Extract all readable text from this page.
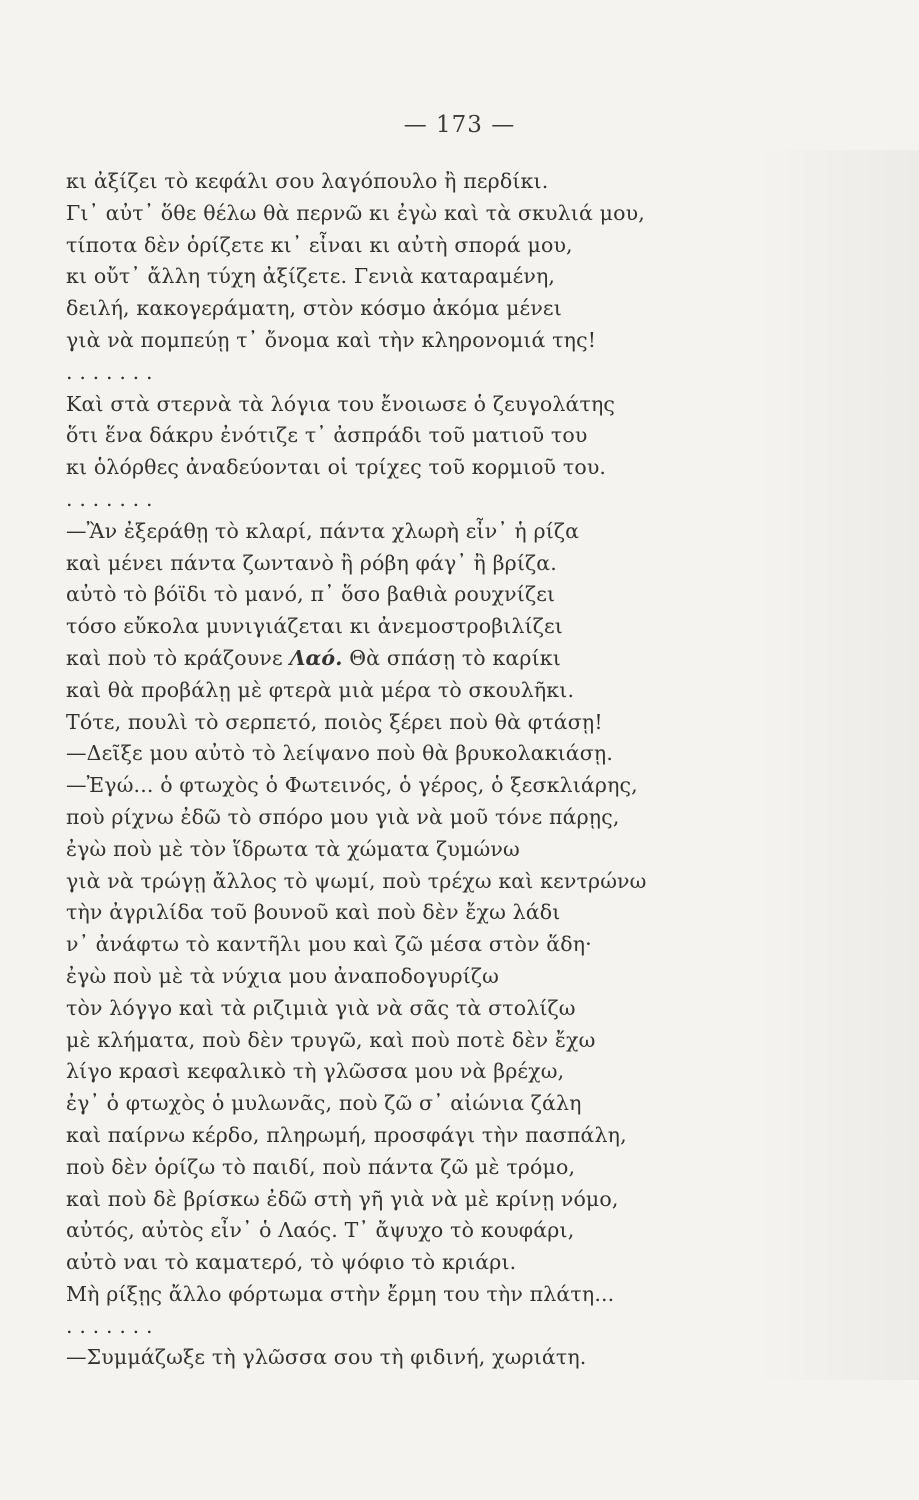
— 173 —
κι ἀξίζει τὸ κεφάλι σου λαγόπουλο ἢ περδίκι.
Γι᾿ αὐτ᾿ ὅθε θέλω θὰ περνῶ κι ἐγὼ καὶ τὰ σκυλιά μου,
τίποτα δὲν ὁρίζετε κι᾿ εἶναι κι αὐτὴ σπορά μου,
κι οὔτ᾿ ἄλλη τύχη ἀξίζετε. Γενιὰ καταραμένη,
δειλή, κακογεράματη, στὸν κόσμο ἀκόμα μένει
γιὰ νὰ πομπεύῃ τ᾿ ὄνομα καὶ τὴν κληρονομιά της!
. . . . . . .
Καὶ στὰ στερνὰ τὰ λόγια του ἔνοιωσε ὁ ζευγολάτης
ὅτι ἕνα δάκρυ ἐνότιζε τ᾿ ἀσπράδι τοῦ ματιοῦ του
κι ὁλόρθες ἀναδεύονται οἱ τρίχες τοῦ κορμιοῦ του.
. . . . . . .
—Ἂν ἐξεράθῃ τὸ κλαρί, πάντα χλωρὴ εἶν᾿ ἡ ρίζα
καὶ μένει πάντα ζωντανὸ ἢ ρόβη φάγ᾿ ἢ βρίζα.
αὐτὸ τὸ βόϊδι τὸ μανό, π᾿ ὅσο βαθιὰ ρουχνίζει
τόσο εὔκολα μυνιγιάζεται κι ἀνεμοστροβιλίζει
καὶ ποὺ τὸ κράζουνε Λαό. Θὰ σπάσῃ τὸ καρίκι
καὶ θὰ προβάλῃ μὲ φτερὰ μιὰ μέρα τὸ σκουλῆκι.
Τότε, πουλὶ τὸ σερπετό, ποιὸς ξέρει ποὺ θὰ φτάσῃ!
—Δεῖξε μου αὐτὸ τὸ λείψανο ποὺ θὰ βρυκολακιάσῃ.
—Ἐγώ... ὁ φτωχὸς ὁ Φωτεινός, ὁ γέρος, ὁ ξεσκλιάρης,
ποὺ ρίχνω ἐδῶ τὸ σπόρο μου γιὰ νὰ μοῦ τόνε πάρῃς,
ἐγὼ ποὺ μὲ τὸν ἵδρωτα τὰ χώματα ζυμώνω
γιὰ νὰ τρώγῃ ἄλλος τὸ ψωμί, ποὺ τρέχω καὶ κεντρώνω
τὴν ἀγριλίδα τοῦ βουνοῦ καὶ ποὺ δὲν ἔχω λάδι
ν᾿ ἀνάφτω τὸ καντῆλι μου καὶ ζῶ μέσα στὸν ἅδη·
ἐγὼ ποὺ μὲ τὰ νύχια μου ἀναποδογυρίζω
τὸν λόγγο καὶ τὰ ριζιμιὰ γιὰ νὰ σᾶς τὰ στολίζω
μὲ κλήματα, ποὺ δὲν τρυγῶ, καὶ ποὺ ποτὲ δὲν ἔχω
λίγο κρασὶ κεφαλικὸ τὴ γλῶσσα μου νὰ βρέχω,
ἐγ᾿ ὁ φτωχὸς ὁ μυλωνᾶς, ποὺ ζῶ σ᾿ αἰώνια ζάλη
καὶ παίρνω κέρδο, πληρωμή, προσφάγι τὴν πασπάλη,
ποὺ δὲν ὁρίζω τὸ παιδί, ποὺ πάντα ζῶ μὲ τρόμο,
καὶ ποὺ δὲ βρίσκω ἐδῶ στὴ γῆ γιὰ νὰ μὲ κρίνῃ νόμο,
αὐτός, αὐτὸς εἶν᾿ ὁ Λαός. Τ᾿ ἄψυχο τὸ κουφάρι,
αὐτὸ ναι τὸ καματερό, τὸ ψόφιο τὸ κριάρι.
Μὴ ρίξῃς ἄλλο φόρτωμα στὴν ἔρμη του τὴν πλάτη...
. . . . . . .
—Συμμάζωξε τὴ γλῶσσα σου τὴ φιδινή, χωριάτη.
